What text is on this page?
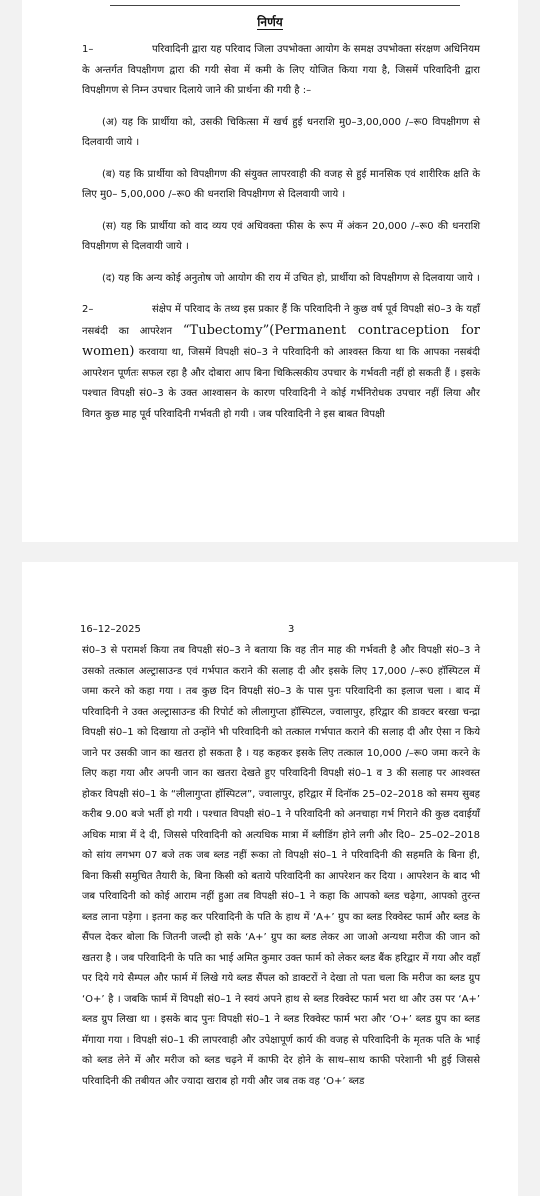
निर्णय

1–	परिवादिनी द्वारा यह परिवाद जिला उपभोक्ता आयोग के समक्ष उपभोक्ता संरक्षण अधिनियम के अन्तर्गत विपक्षीगण द्वारा की गयी सेवा में कमी के लिए योजित किया गया है, जिसमें परिवादिनी द्वारा विपक्षीगण से निम्न उपचार दिलाये जाने की प्रार्थना की गयी है :–

(अ) यह कि प्रार्थीया को, उसकी चिकित्सा में खर्च हुई धनराशि मु0–3,00,000 /–रू0 विपक्षीगण से दिलवायी जाये ।

(ब) यह कि प्रार्थीया को विपक्षीगण की संयुक्त लापरवाही की वजह से हुई मानसिक एवं शारीरिक क्षति के लिए मु0– 5,00,000 /–रू0 की धनराशि विपक्षीगण से दिलवायी जाये ।

(स) यह कि प्रार्थीया को वाद व्यय एवं अधिवक्ता फीस के रूप में अंकन 20,000 /–रू0 की धनराशि विपक्षीगण से दिलवायी जाये ।

(द) यह कि अन्य कोई अनुतोष जो आयोग की राय में उचित हो, प्रार्थीया को विपक्षीगण से दिलवाया जाये ।

2–	संक्षेप में परिवाद के तथ्य इस प्रकार हैं कि परिवादिनी ने कुछ वर्ष पूर्व विपक्षी सं0–3 के यहॉं नसबंदी का आपरेशन “Tubectomy”(Permanent contraception for women) करवाया था, जिसमें विपक्षी सं0–3 ने परिवादिनी को आश्वस्त किया था कि आपका नसबंदी आपरेशन पूर्णतः सफल रहा है और दोबारा आप बिना चिकित्सकीय उपचार के गर्भवती नहीं हो सकती हैं । इसके पश्चात विपक्षी सं0–3 के उक्त आश्वासन के कारण परिवादिनी ने कोई गर्भनिरोधक उपचार नहीं लिया और विगत कुछ माह पूर्व परिवादिनी गर्भवती हो गयी । जब परिवादिनी ने इस बाबत विपक्षी

16–12–2025	3

सं0–3 से परामर्श किया तब विपक्षी सं0–3 ने बताया कि वह तीन माह की गर्भवती है और विपक्षी सं0–3 ने उसको तत्काल अल्ट्रासाउन्ड एवं गर्भपात कराने की सलाह दी और इसके लिए 17,000 /–रू0 हॉस्पिटल में जमा करने को कहा गया । तब कुछ दिन विपक्षी सं0–3 के पास पुनः परिवादिनी का इलाज चला । बाद में परिवादिनी ने उक्त अल्ट्रासाउन्ड की रिपोर्ट को लीलागुप्ता हॉस्पिटल, ज्वालापुर, हरिद्वार की डाक्टर बरखा चन्द्रा विपक्षी सं0–1 को दिखाया तो उन्होंने भी परिवादिनी को तत्काल गर्भपात कराने की सलाह दी और ऐसा न किये जाने पर उसकी जान का खतरा हो सकता है । यह कहकर इसके लिए तत्काल 10,000 /–रू0 जमा करने के लिए कहा गया और अपनी जान का खतरा देखते हुए परिवादिनी विपक्षी सं0–1 व 3 की सलाह पर आश्वस्त होकर विपक्षी सं0–1 के “लीलागुप्ता हॉस्पिटल”, ज्वालापुर, हरिद्वार में दिनॉक 25–02–2018 को समय सुबह करीब 9.00 बजे भर्ती हो गयी । पश्चात विपक्षी सं0–1 ने परिवादिनी को अनचाहा गर्भ गिराने की कुछ दवाईयॉं अधिक मात्रा में दे दी, जिससे परिवादिनी को अत्यधिक मात्रा में ब्लीडिंग होने लगी और दि0– 25–02–2018 को सांय लगभग 07 बजे तक जब ब्लड नहीं रूका तो विपक्षी सं0–1 ने परिवादिनी की सहमति के बिना ही, बिना किसी समुचित तैयारी के, बिना किसी को बताये परिवादिनी का आपरेशन कर दिया । आपरेशन के बाद भी जब परिवादिनी को कोई आराम नहीं हुआ तब विपक्षी सं0–1 ने कहा कि आपको ब्लड चढ़ेगा, आपको तुरन्त ब्लड लाना पड़ेगा । इतना कह कर परिवादिनी के पति के हाथ में ‘A+’ ग्रुप का ब्लड रिक्वेस्ट फार्म और ब्लड के सैंपल देकर बोला कि जितनी जल्दी हो सके ‘A+’ ग्रुप का ब्लड लेकर आ जाओ अन्यथा मरीज की जान को खतरा है । जब परिवादिनी के पति का भाई अमित कुमार उक्त फार्म को लेकर ब्लड बैंक हरिद्वार में गया और वहॉं पर दिये गये सैम्पल और फार्म में लिखे गये ब्लड सैंपल को डाक्टरों ने देखा तो पता चला कि मरीज का ब्लड ग्रुप ‘O+’ है । जबकि फार्म में विपक्षी सं0–1 ने स्वयं अपने हाथ से ब्लड रिक्वेस्ट फार्म भरा था और उस पर ‘A+’ ब्लड ग्रुप लिखा था । इसके बाद पुनः विपक्षी सं0–1 ने ब्लड रिक्वेस्ट फार्म भरा और ‘O+’ ब्लड ग्रुप का ब्लड मॅगाया गया । विपक्षी सं0–1 की लापरवाही और उपेक्षापूर्ण कार्य की वजह से परिवादिनी के मृतक पति के भाई को ब्लड लेने में और मरीज को ब्लड चढ़ने में काफी देर होने के साथ–साथ काफी परेशानी भी हुई जिससे परिवादिनी की तबीयत और ज्यादा खराब हो गयी और जब तक वह ‘O+’ ब्लड
